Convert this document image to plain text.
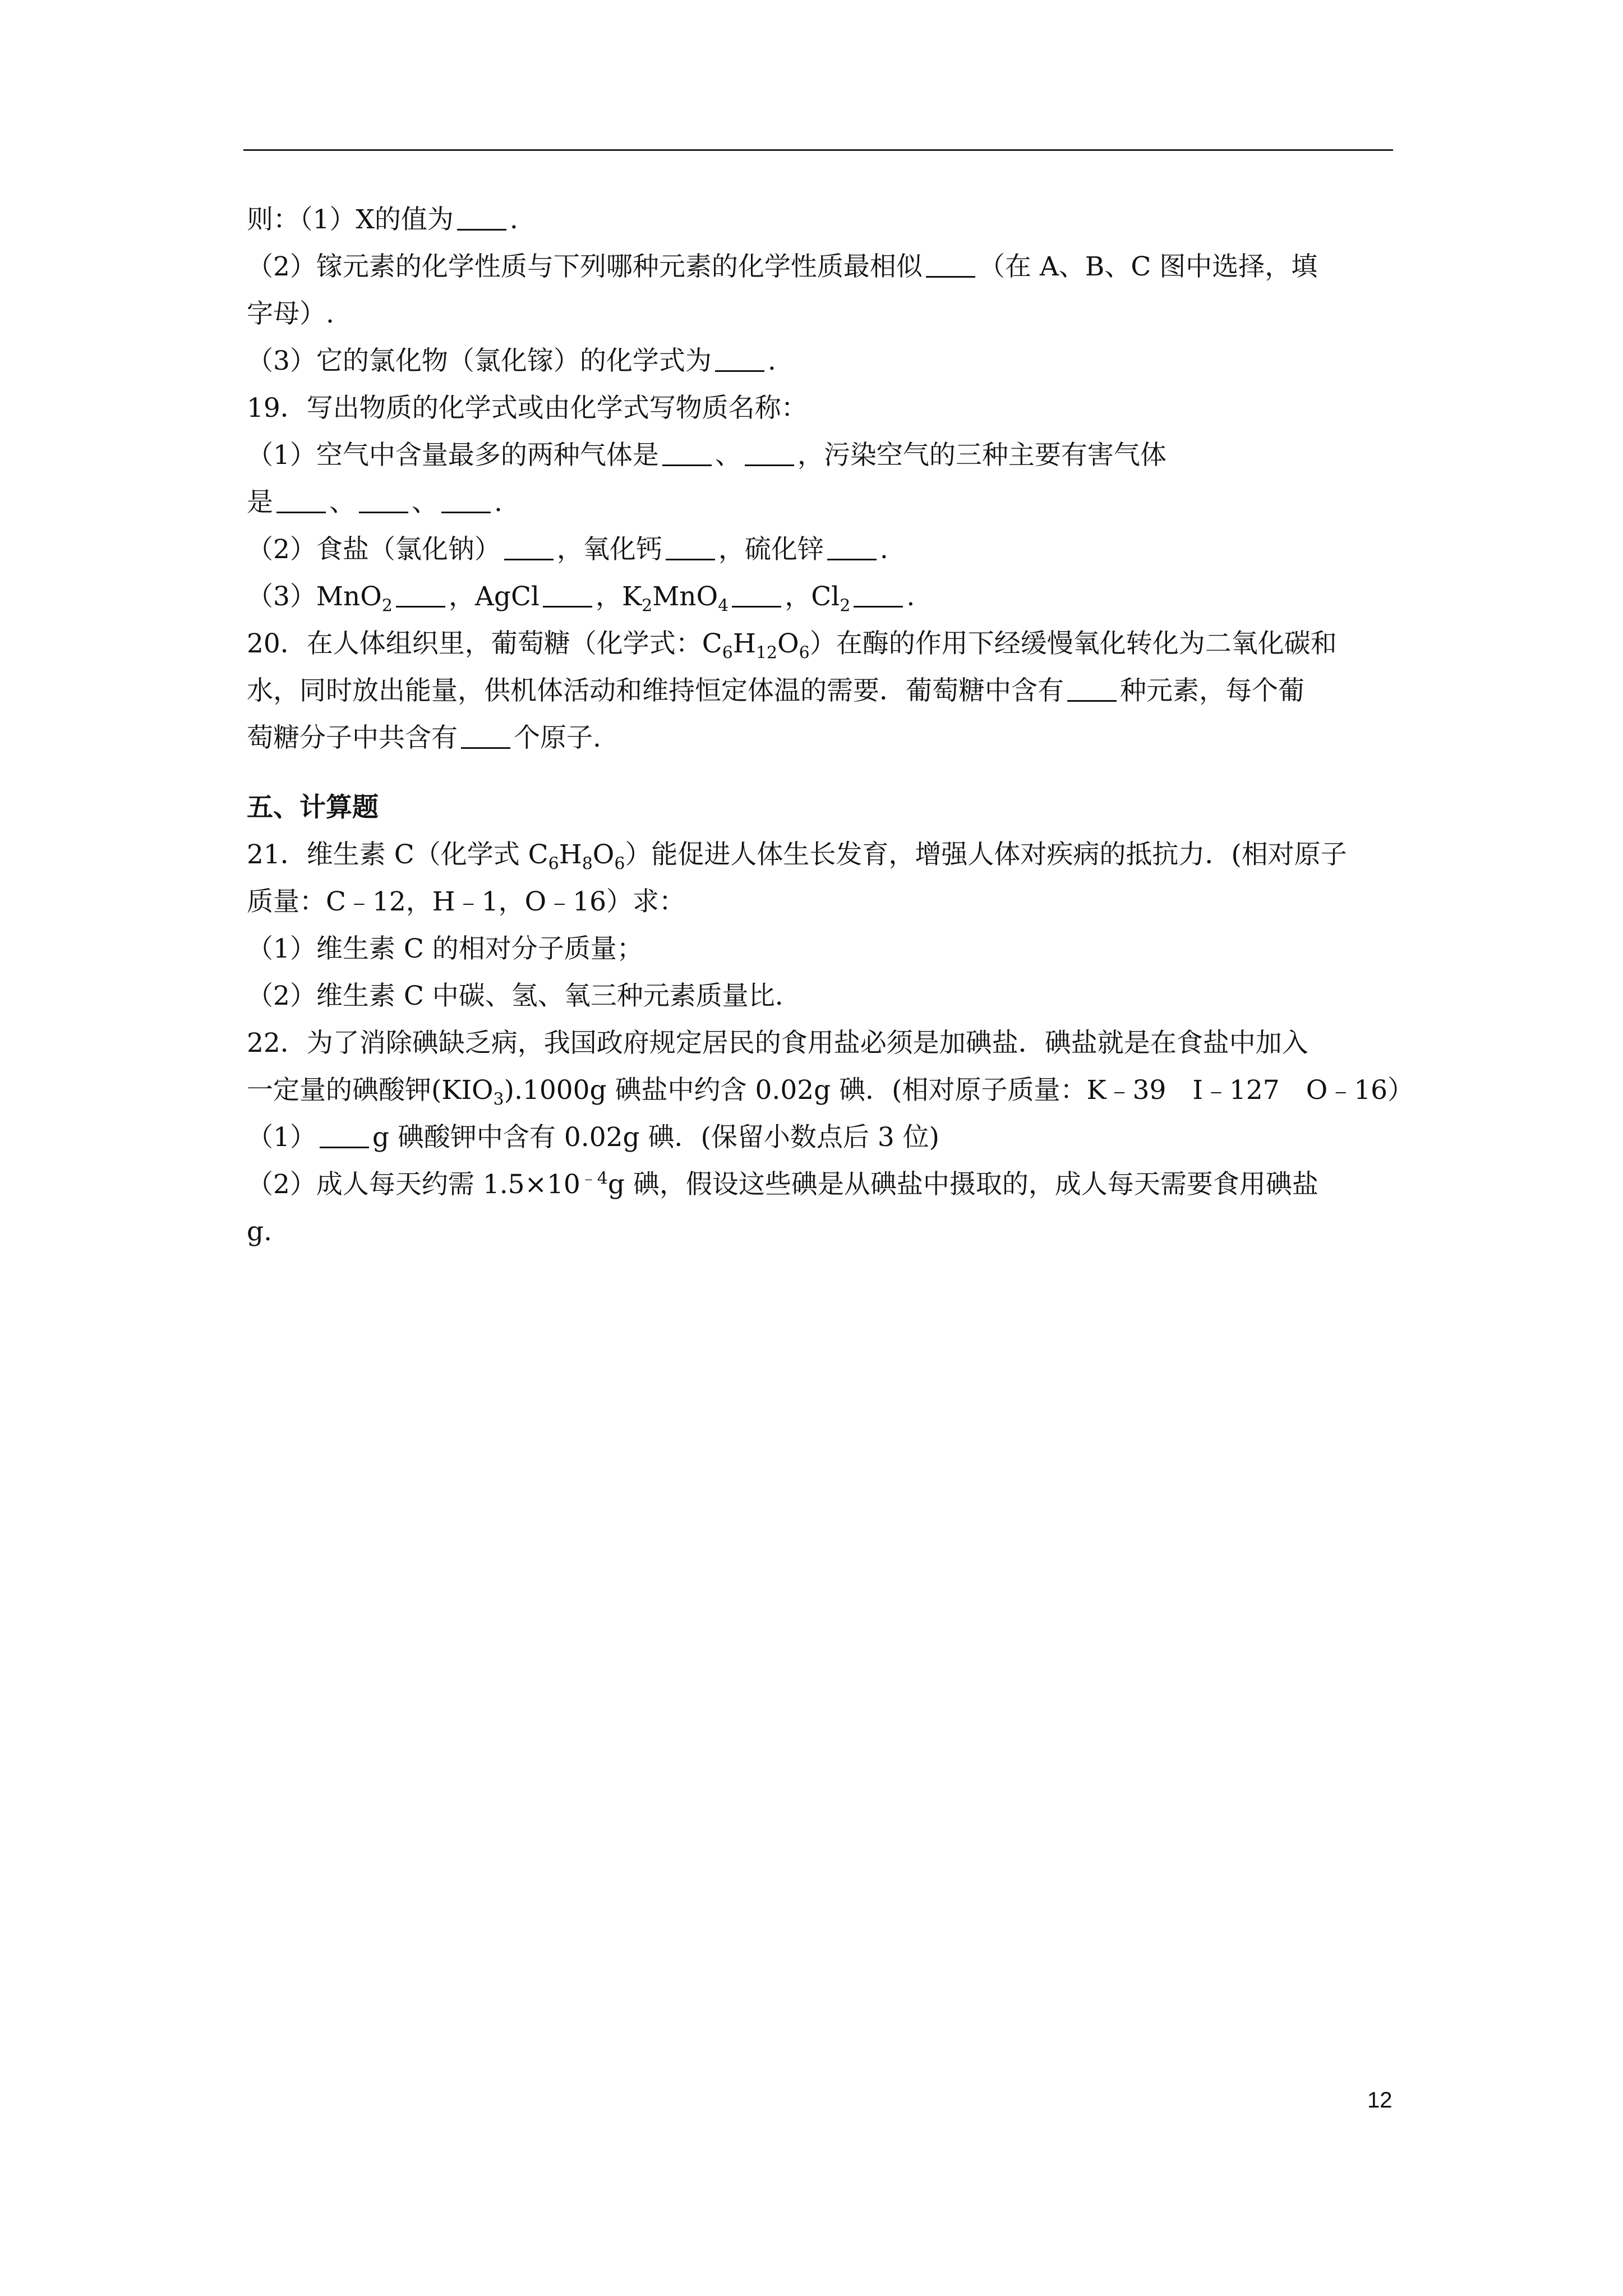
则：（1）X的值为 .
（2）镓元素的化学性质与下列哪种元素的化学性质最相似 （在 A、B、C 图中选择，填
字母）.
（3）它的氯化物（氯化镓）的化学式为 .
19．写出物质的化学式或由化学式写物质名称：
（1）空气中含量最多的两种气体是 、 ，污染空气的三种主要有害气体
是 、 、 .
（2）食盐（氯化钠） ，氧化钙 ，硫化锌 .
（3）MnO$_2$ ，AgCl ，$K_2MnO_4$ ，$Cl_2$ .
20．在人体组织里，葡萄糖（化学式：$C_6H_{12}O_6$）在酶的作用下经缓慢氧化转化为二氧化碳和
水，同时放出能量，供机体活动和维持恒定体温的需要．葡萄糖中含有 种元素，每个葡
萄糖分子中共含有 个原子.
五、计算题
21．维生素 C（化学式 $C_6H_8O_6$）能促进人体生长发育，增强人体对疾病的抵抗力．(相对原子
质量：C﹣12，H﹣1，O﹣16）求：
（1）维生素 C 的相对分子质量；
（2）维生素 C 中碳、氢、氧三种元素质量比.
22．为了消除碘缺乏病，我国政府规定居民的食用盐必须是加碘盐．碘盐就是在食盐中加入
一定量的碘酸钾$(KIO_3).1000g$ 碘盐中约含 0.02g 碘．(相对原子质量：K﹣39　I﹣127　O﹣16）
（1） g 碘酸钾中含有 0.02g 碘．(保留小数点后 3 位)
（2）成人每天约需 $1.5\times 10^{﹣4}g$ 碘，假设这些碘是从碘盐中摄取的，成人每天需要食用碘盐
g.
12
